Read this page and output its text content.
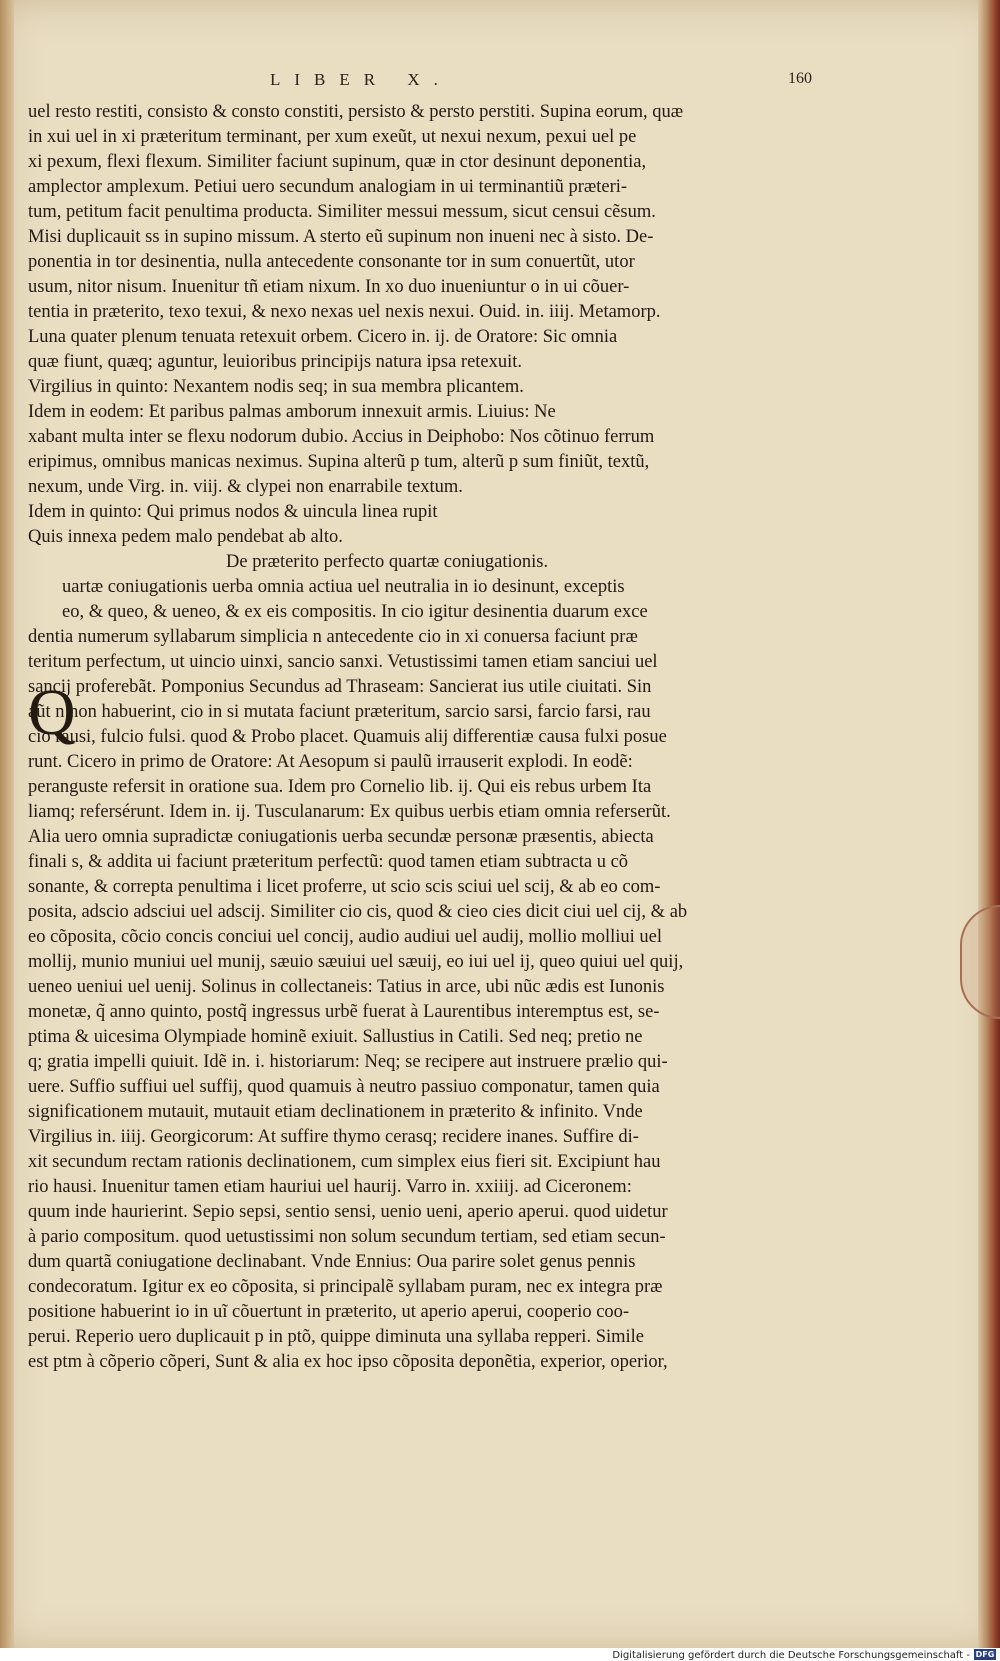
LIBER X.	160
uel resto restiti, consisto & consto constiti, persisto & persto perstiti. Supina eorum, quæ
in xui uel in xi præteritum terminant, per xum exeũt, ut nexui nexum, pexui uel pe
xi pexum, flexi flexum. Similiter faciunt supinum, quæ in ctor desinunt deponentia,
amplector amplexum. Petiui uero secundum analogiam in ui terminantiũ præteri-
tum, petitum facit penultima producta. Similiter messui messum, sicut censui cẽsum.
Misi duplicauit ss in supino missum. A sterto eũ supinum non inueni nec à sisto. De-
ponentia in tor desinentia, nulla antecedente consonante tor in sum conuertũt, utor
usum, nitor nisum. Inuenitur tñ etiam nixum. In xo duo inueniuntur o in ui cõuer-
tentia in præterito, texo texui, & nexo nexas uel nexis nexui. Ouid. in. iiij. Metamorp.
Luna quater plenum tenuata retexuit orbem. Cicero in. ij. de Oratore: Sic omnia
quæ fiunt, quæq; aguntur, leuioribus principijs natura ipsa retexuit.
Virgilius in quinto: Nexantem nodis seq; in sua membra plicantem.
Idem in eodem: Et paribus palmas amborum innexuit armis. Liuius: Ne
xabant multa inter se flexu nodorum dubio. Accius in Deiphobo: Nos cõtinuo ferrum
eripimus, omnibus manicas neximus. Supina alterũ p tum, alterũ p sum finiũt, textũ,
nexum, unde Virg. in. viij. & clypei non enarrabile textum.
Idem in quinto: Qui primus nodos & uincula linea rupit
Quis innexa pedem malo pendebat ab alto.
De præterito perfecto quartæ coniugationis.
uartæ coniugationis uerba omnia actiua uel neutralia in io desinunt, exceptis
eo, & queo, & ueneo, & ex eis compositis. In cio igitur desinentia duarum exce
dentia numerum syllabarum simplicia n antecedente cio in xi conuersa faciunt præ
teritum perfectum, ut uincio uinxi, sancio sanxi. Vetustissimi tamen etiam sanciui uel
sancij proferebãt. Pomponius Secundus ad Thraseam: Sancierat ius utile ciuitati. Sin
aũt n non habuerint, cio in si mutata faciunt præteritum, sarcio sarsi, farcio farsi, rau
cio rausi, fulcio fulsi. quod & Probo placet. Quamuis alij differentiæ causa fulxi posue
runt. Cicero in primo de Oratore: At Aesopum si paulũ irrauserit explodi. In eodẽ:
peranguste refersit in oratione sua. Idem pro Cornelio lib. ij. Qui eis rebus urbem Ita
liamq; refersérunt. Idem in. ij. Tusculanarum: Ex quibus uerbis etiam omnia referserũt.
Alia uero omnia supradictæ coniugationis uerba secundæ personæ præsentis, abiecta
finali s, & addita ui faciunt præteritum perfectũ: quod tamen etiam subtracta u cõ
sonante, & correpta penultima i licet proferre, ut scio scis sciui uel scij, & ab eo com-
posita, adscio adsciui uel adscij. Similiter cio cis, quod & cieo cies dicit ciui uel cij, & ab
eo cõposita, cõcio concis conciui uel concij, audio audiui uel audij, mollio molliui uel
mollij, munio muniui uel munij, sæuio sæuiui uel sæuij, eo iui uel ij, queo quiui uel quij,
ueneo ueniui uel uenij. Solinus in collectaneis: Tatius in arce, ubi nũc ædis est Iunonis
monetæ, q̃ anno quinto, postq̃ ingressus urbẽ fuerat à Laurentibus interemptus est, se-
ptima & uicesima Olympiade hominẽ exiuit. Sallustius in Catili. Sed neq; pretio ne
q; gratia impelli quiuit. Idẽ in. i. historiarum: Neq; se recipere aut instruere prælio qui-
uere. Suffio suffiui uel suffij, quod quamuis à neutro passiuo componatur, tamen quia
significationem mutauit, mutauit etiam declinationem in præterito & infinito. Vnde
Virgilius in. iiij. Georgicorum: At suffire thymo cerasq; recidere inanes. Suffire di-
xit secundum rectam rationis declinationem, cum simplex eius fieri sit. Excipiunt hau
rio hausi. Inuenitur tamen etiam hauriui uel haurij. Varro in. xxiiij. ad Ciceronem:
quum inde haurierint. Sepio sepsi, sentio sensi, uenio ueni, aperio aperui. quod uidetur
à pario compositum. quod uetustissimi non solum secundum tertiam, sed etiam secun-
dum quartã coniugatione declinabant. Vnde Ennius: Oua parire solet genus pennis
condecoratum. Igitur ex eo cõposita, si principalẽ syllabam puram, nec ex integra præ
positione habuerint io in uĩ cõuertunt in præterito, ut aperio aperui, cooperio coo-
perui. Reperio uero duplicauit p in ptõ, quippe diminuta una syllaba repperi. Simile
est ptm à cõperio cõperi, Sunt & alia ex hoc ipso cõposita deponẽtia, experior, operior,
Q
Digitalisierung gefördert durch die Deutsche Forschungsgemeinschaft - DFG
